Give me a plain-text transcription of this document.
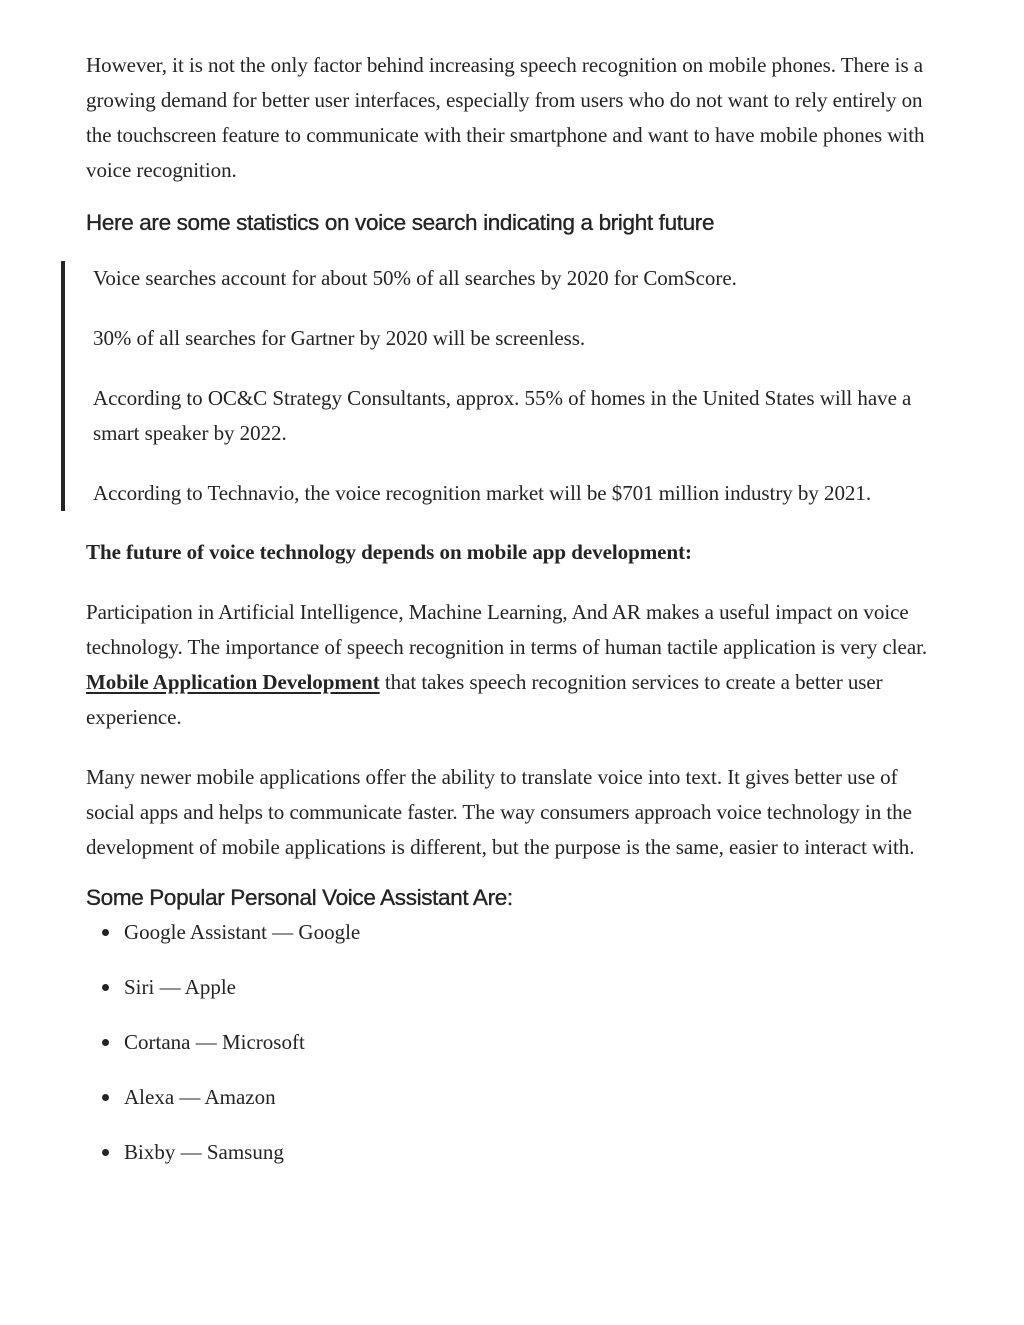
However, it is not the only factor behind increasing speech recognition on mobile phones. There is a growing demand for better user interfaces, especially from users who do not want to rely entirely on the touchscreen feature to communicate with their smartphone and want to have mobile phones with voice recognition.

Here are some statistics on voice search indicating a bright future

Voice searches account for about 50% of all searches by 2020 for ComScore.

30% of all searches for Gartner by 2020 will be screenless.

According to OC&C Strategy Consultants, approx. 55% of homes in the United States will have a smart speaker by 2022.

According to Technavio, the voice recognition market will be $701 million industry by 2021.

The future of voice technology depends on mobile app development:

Participation in Artificial Intelligence, Machine Learning, And AR makes a useful impact on voice technology. The importance of speech recognition in terms of human tactile application is very clear. Mobile Application Development that takes speech recognition services to create a better user experience.

Many newer mobile applications offer the ability to translate voice into text. It gives better use of social apps and helps to communicate faster. The way consumers approach voice technology in the development of mobile applications is different, but the purpose is the same, easier to interact with.

Some Popular Personal Voice Assistant Are:
Google Assistant — Google
Siri — Apple
Cortana — Microsoft
Alexa — Amazon
Bixby — Samsung
